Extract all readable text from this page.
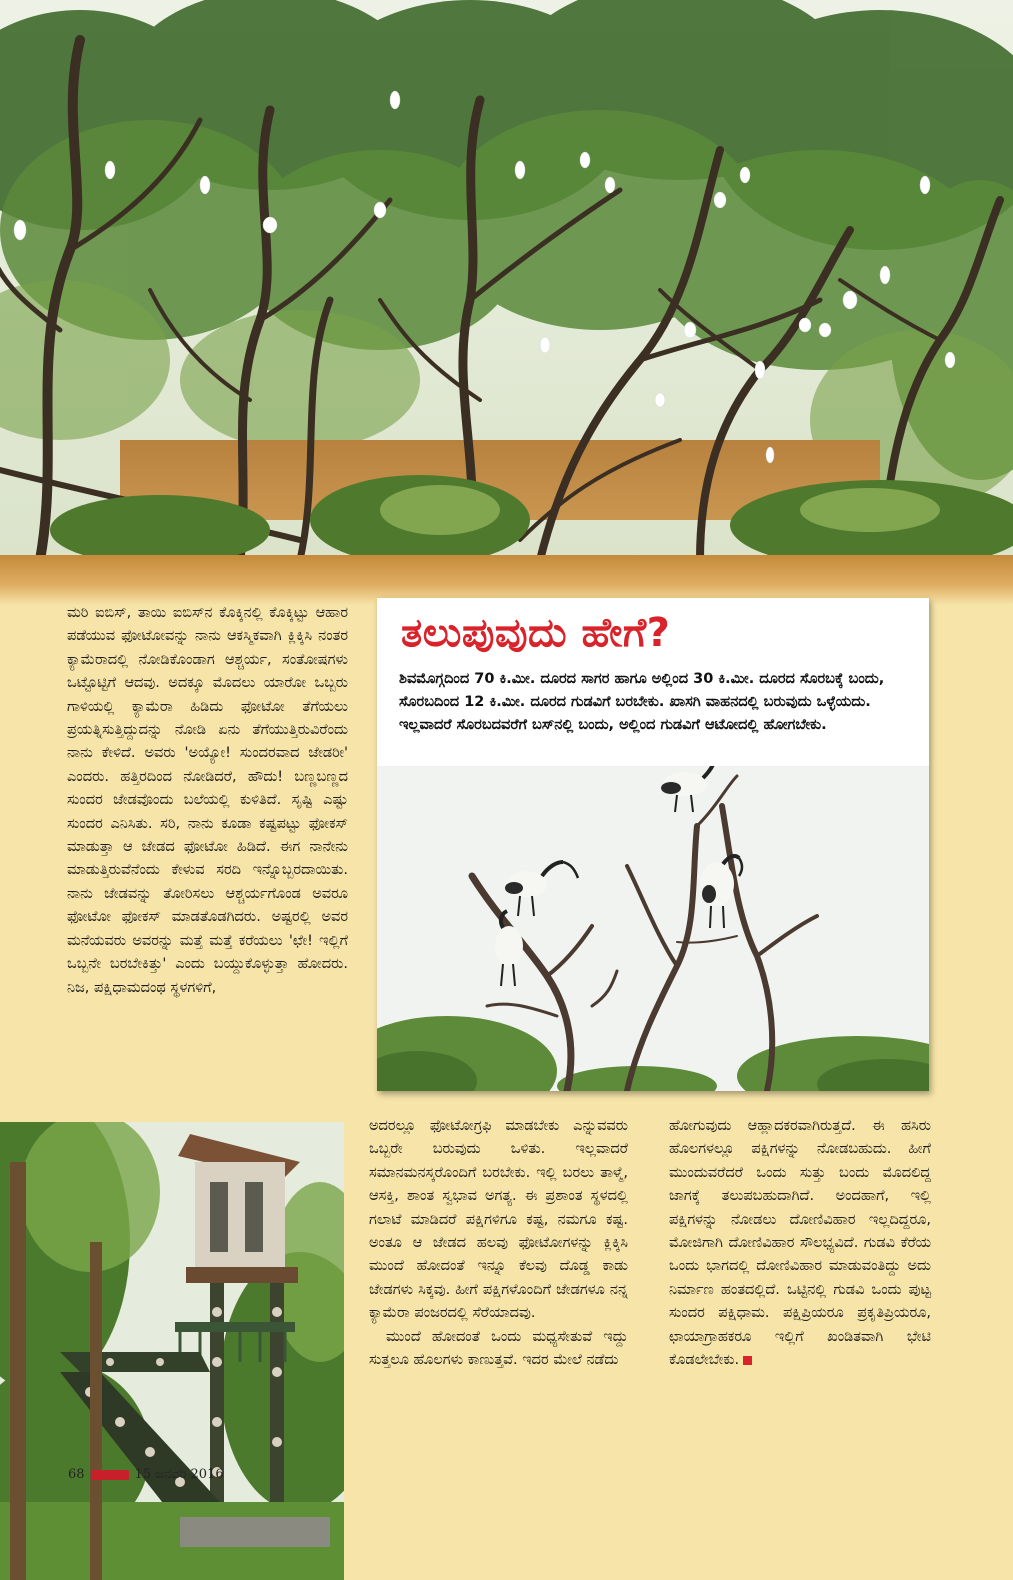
ಮರಿ ಐಬಿಸ್, ತಾಯಿ ಐಬಿಸ್‌ನ ಕೊಕ್ಕಿನಲ್ಲಿ ಕೊಕ್ಕಿಟ್ಟು ಆಹಾರ ಪಡೆಯುವ ಫೋಟೋವನ್ನು ನಾನು ಆಕಸ್ಮಿಕವಾಗಿ ಕ್ಲಿಕ್ಕಿಸಿ ನಂತರ ಕ್ಯಾಮೆರಾದಲ್ಲಿ ನೋಡಿಕೊಂಡಾಗ ಆಶ್ಚರ್ಯ, ಸಂತೋಷಗಳು ಒಟ್ಟೊಟ್ಟಿಗೆ ಆದವು. ಅದಕ್ಕೂ ಮೊದಲು ಯಾರೋ ಒಬ್ಬರು ಗಾಳಿಯಲ್ಲಿ ಕ್ಯಾಮೆರಾ ಹಿಡಿದು ಫೋಟೋ ತೆಗೆಯಲು ಪ್ರಯತ್ನಿಸುತ್ತಿದ್ದುದನ್ನು ನೋಡಿ ಏನು ತೆಗೆಯುತ್ತಿರುವಿರೆಂದು ನಾನು ಕೇಳಿದೆ. ಅವರು 'ಅಯ್ಯೋ! ಸುಂದರವಾದ ಜೇಡರೀ' ಎಂದರು. ಹತ್ತಿರದಿಂದ ನೋಡಿದರೆ, ಹೌದು! ಬಣ್ಣಬಣ್ಣದ ಸುಂದರ ಜೇಡವೊಂದು ಬಲೆಯಲ್ಲಿ ಕುಳಿತಿದೆ. ಸೃಷ್ಟಿ ಎಷ್ಟು ಸುಂದರ ಎನಿಸಿತು. ಸರಿ, ನಾನು ಕೂಡಾ ಕಷ್ಟಪಟ್ಟು ಫೋಕಸ್ ಮಾಡುತ್ತಾ ಆ ಜೇಡದ ಫೋಟೋ ಹಿಡಿದೆ. ಈಗ ನಾನೇನು ಮಾಡುತ್ತಿರುವೆನೆಂದು ಕೇಳುವ ಸರದಿ ಇನ್ನೊಬ್ಬರದಾಯಿತು. ನಾನು ಜೇಡವನ್ನು ತೋರಿಸಲು ಆಶ್ಚರ್ಯಗೊಂಡ ಅವರೂ ಫೋಟೋ ಫೋಕಸ್ ಮಾಡತೊಡಗಿದರು. ಅಷ್ಟರಲ್ಲಿ ಅವರ ಮನೆಯವರು ಅವರನ್ನು ಮತ್ತೆ ಮತ್ತೆ ಕರೆಯಲು 'ಛೇ! ಇಲ್ಲಿಗೆ ಒಬ್ಬನೇ ಬರಬೇಕಿತ್ತು' ಎಂದು ಬಯ್ದುಕೊಳ್ಳುತ್ತಾ ಹೋದರು. ನಿಜ, ಪಕ್ಷಿಧಾಮದಂಥ ಸ್ಥಳಗಳಿಗೆ,

ತಲುಪುವುದು ಹೇಗೆ?

ಶಿವಮೊಗ್ಗದಿಂದ 70 ಕಿ.ಮೀ. ದೂರದ ಸಾಗರ ಹಾಗೂ ಅಲ್ಲಿಂದ 30 ಕಿ.ಮೀ. ದೂರದ ಸೊರಬಕ್ಕೆ ಬಂದು, ಸೊರಬದಿಂದ 12 ಕಿ.ಮೀ. ದೂರದ ಗುಡವಿಗೆ ಬರಬೇಕು. ಖಾಸಗಿ ವಾಹನದಲ್ಲಿ ಬರುವುದು ಒಳ್ಳೆಯದು. ಇಲ್ಲವಾದರೆ ಸೊರಬದವರೆಗೆ ಬಸ್‌ನಲ್ಲಿ ಬಂದು, ಅಲ್ಲಿಂದ ಗುಡವಿಗೆ ಆಟೋದಲ್ಲಿ ಹೋಗಬೇಕು.

ಅದರಲ್ಲೂ ಫೋಟೋಗ್ರಫಿ ಮಾಡಬೇಕು ಎನ್ನುವವರು ಒಬ್ಬರೇ ಬರುವುದು ಒಳಿತು. ಇಲ್ಲವಾದರೆ ಸಮಾನಮನಸ್ಕರೊಂದಿಗೆ ಬರಬೇಕು. ಇಲ್ಲಿ ಬರಲು ತಾಳ್ಮೆ, ಆಸಕ್ತಿ, ಶಾಂತ ಸ್ವಭಾವ ಅಗತ್ಯ. ಈ ಪ್ರಶಾಂತ ಸ್ಥಳದಲ್ಲಿ ಗಲಾಟೆ ಮಾಡಿದರೆ ಪಕ್ಷಿಗಳಿಗೂ ಕಷ್ಟ, ನಮಗೂ ಕಷ್ಟ. ಅಂತೂ ಆ ಜೇಡದ ಹಲವು ಫೋಟೋಗಳನ್ನು ಕ್ಲಿಕ್ಕಿಸಿ ಮುಂದೆ ಹೋದಂತೆ ಇನ್ನೂ ಕೆಲವು ದೊಡ್ಡ ಕಾಡು ಜೇಡಗಳು ಸಿಕ್ಕವು. ಹೀಗೆ ಪಕ್ಷಿಗಳೊಂದಿಗೆ ಜೇಡಗಳೂ ನನ್ನ ಕ್ಯಾಮೆರಾ ಪಂಜರದಲ್ಲಿ ಸೆರೆಯಾದವು.
ಮುಂದೆ ಹೋದಂತೆ ಒಂದು ಮಧ್ಯಸೇತುವೆ ಇದ್ದು ಸುತ್ತಲೂ ಹೊಲಗಳು ಕಾಣುತ್ತವೆ. ಇದರ ಮೇಲೆ ನಡೆದು

ಹೋಗುವುದು ಆಹ್ಲಾದಕರವಾಗಿರುತ್ತದೆ. ಈ ಹಸಿರು ಹೊಲಗಳಲ್ಲೂ ಪಕ್ಷಿಗಳನ್ನು ನೋಡಬಹುದು. ಹೀಗೆ ಮುಂದುವರೆದರೆ ಒಂದು ಸುತ್ತು ಬಂದು ಮೊದಲಿದ್ದ ಜಾಗಕ್ಕೆ ತಲುಪಬಹುದಾಗಿದೆ. ಅಂದಹಾಗೆ, ಇಲ್ಲಿ ಪಕ್ಷಿಗಳನ್ನು ನೋಡಲು ದೋಣಿವಿಹಾರ ಇಲ್ಲದಿದ್ದರೂ, ಮೋಜಿಗಾಗಿ ದೋಣಿವಿಹಾರ ಸೌಲಭ್ಯವಿದೆ. ಗುಡವಿ ಕೆರೆಯ ಒಂದು ಭಾಗದಲ್ಲಿ ದೋಣಿವಿಹಾರ ಮಾಡುವಂತಿದ್ದು ಅದು ನಿರ್ಮಾಣ ಹಂತದಲ್ಲಿದೆ. ಒಟ್ಟಿನಲ್ಲಿ ಗುಡವಿ ಒಂದು ಪುಟ್ಟ ಸುಂದರ ಪಕ್ಷಿಧಾಮ. ಪಕ್ಷಿಪ್ರಿಯರೂ ಪ್ರಕೃತಿಪ್ರಿಯರೂ, ಛಾಯಾಗ್ರಾಹಕರೂ ಇಲ್ಲಿಗೆ ಖಂಡಿತವಾಗಿ ಭೇಟಿ ಕೊಡಲೇಬೇಕು.

68	15 ಜನವರಿ 2016
